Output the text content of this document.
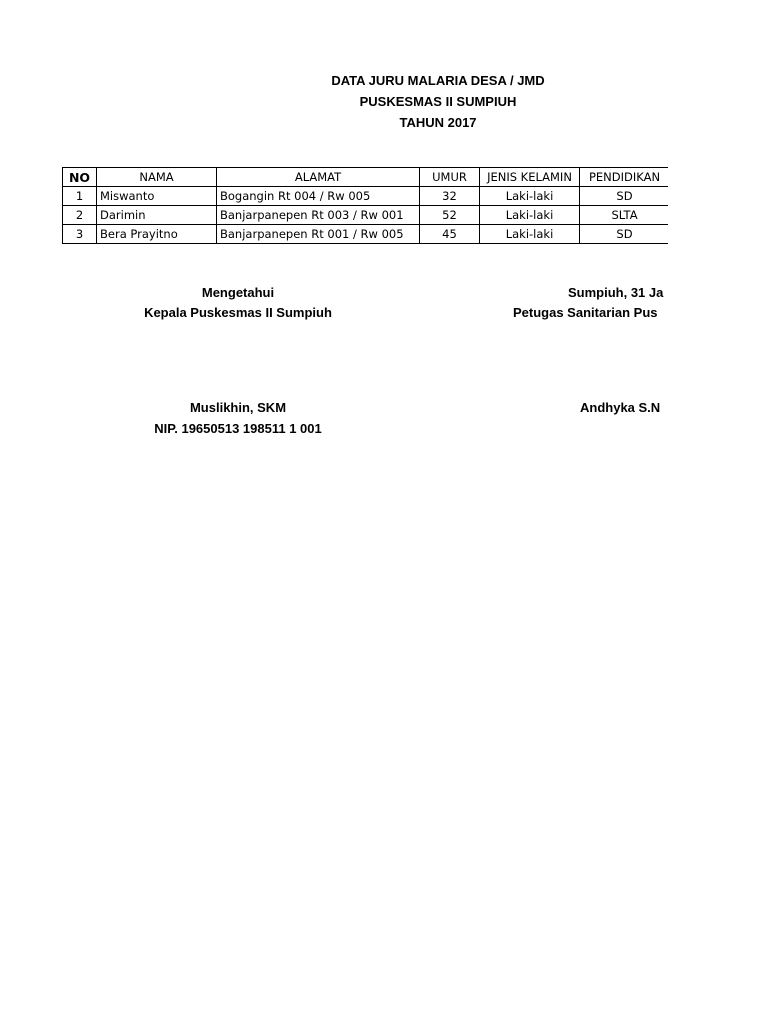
DATA JURU MALARIA DESA / JMD
PUSKESMAS II SUMPIUH
TAHUN 2017
NO	NAMA	ALAMAT	UMUR	JENIS KELAMIN	PENDIDIKAN
1	Miswanto	Bogangin Rt 004 / Rw 005	32	Laki-laki	SD
2	Darimin	Banjarpanepen Rt 003 / Rw 001	52	Laki-laki	SLTA
3	Bera Prayitno	Banjarpanepen Rt 001 / Rw 005	45	Laki-laki	SD
Mengetahui
Kepala Puskesmas II Sumpiuh
Muslikhin, SKM
NIP. 19650513 198511 1 001
Sumpiuh, 31 Ja
Petugas Sanitarian Pus
Andhyka S.N
